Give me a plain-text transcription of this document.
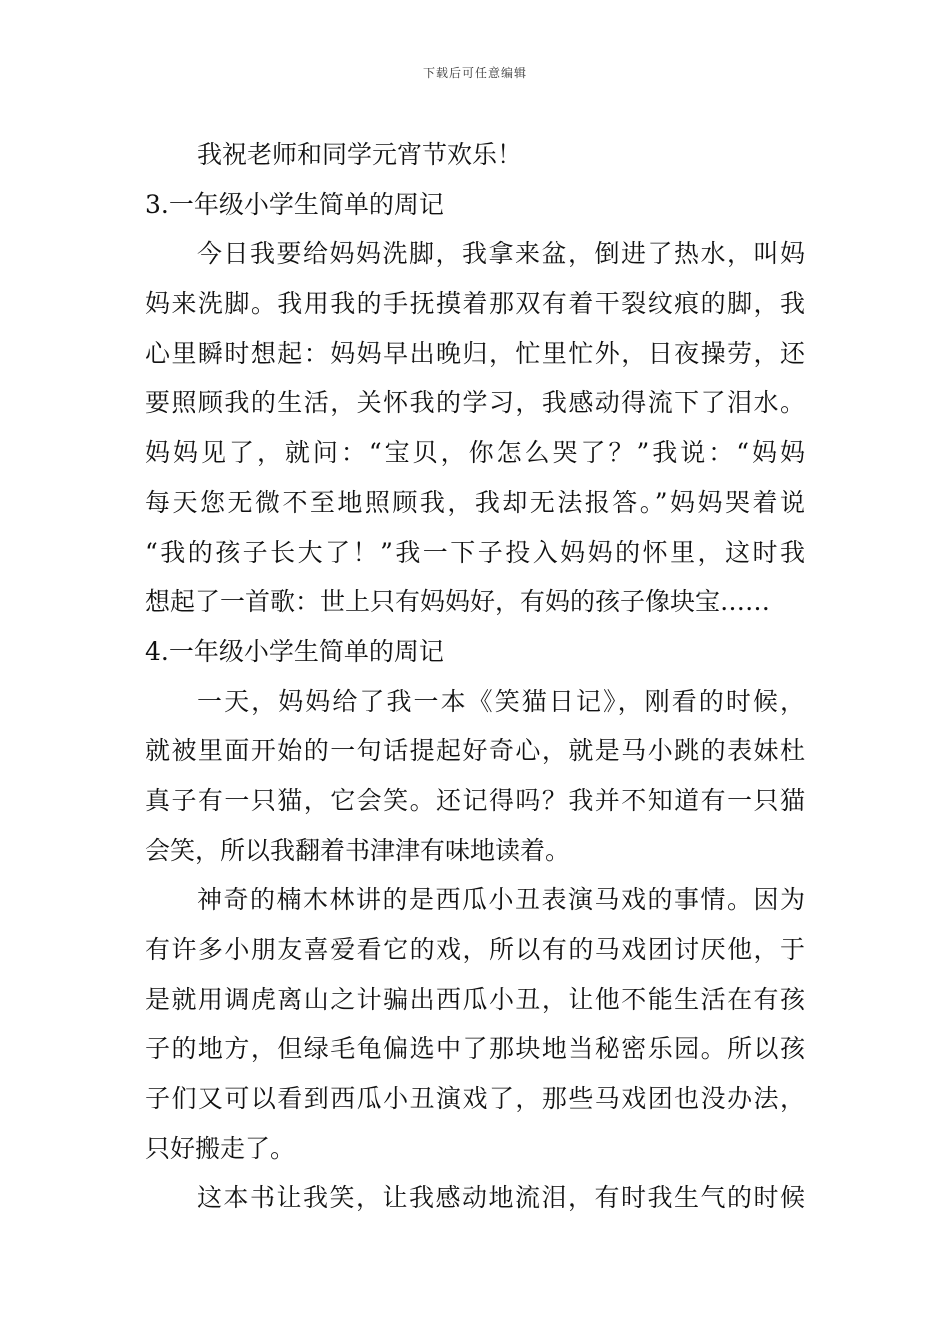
下载后可任意编辑
我祝老师和同学元宵节欢乐！
3.一年级小学生简单的周记
今日我要给妈妈洗脚，我拿来盆，倒进了热水，叫妈
妈来洗脚。我用我的手抚摸着那双有着干裂纹痕的脚，我
心里瞬时想起：妈妈早出晚归，忙里忙外，日夜操劳，还
要照顾我的生活，关怀我的学习，我感动得流下了泪水。
妈妈见了，就问：“宝贝，你怎么哭了？”我说：“妈妈
每天您无微不至地照顾我，我却无法报答。”妈妈哭着说
“我的孩子长大了！”我一下子投入妈妈的怀里，这时我
想起了一首歌：世上只有妈妈好，有妈的孩子像块宝……
4.一年级小学生简单的周记
一天，妈妈给了我一本《笑猫日记》，刚看的时候，
就被里面开始的一句话提起好奇心，就是马小跳的表妹杜
真子有一只猫，它会笑。还记得吗？我并不知道有一只猫
会笑，所以我翻着书津津有味地读着。
神奇的楠木林讲的是西瓜小丑表演马戏的事情。因为
有许多小朋友喜爱看它的戏，所以有的马戏团讨厌他，于
是就用调虎离山之计骗出西瓜小丑，让他不能生活在有孩
子的地方，但绿毛龟偏选中了那块地当秘密乐园。所以孩
子们又可以看到西瓜小丑演戏了，那些马戏团也没办法，
只好搬走了。
这本书让我笑，让我感动地流泪，有时我生气的时候
